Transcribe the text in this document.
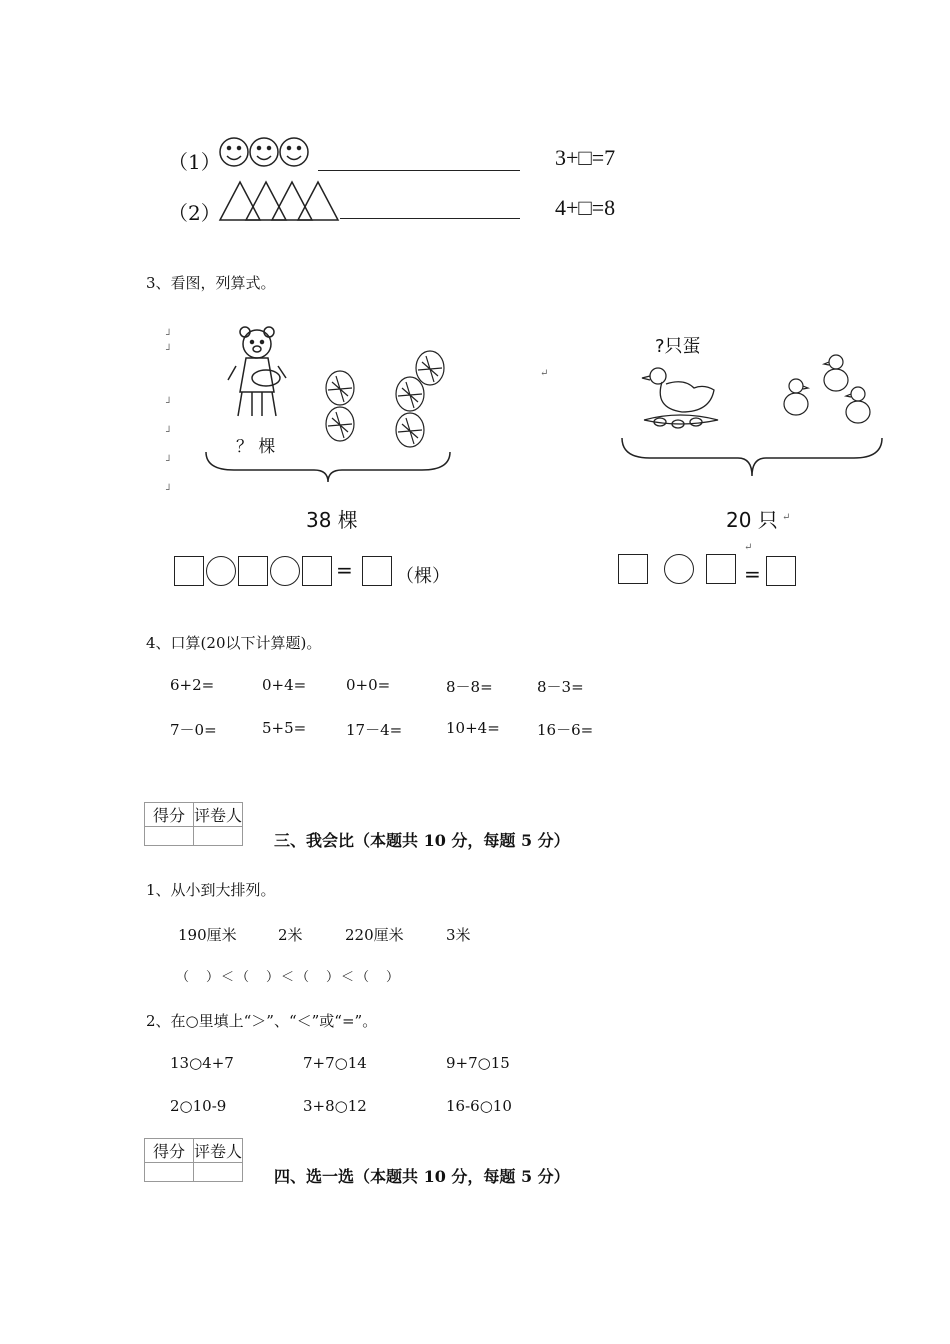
（1）	3+□=7
（2）	4+□=8
3、看图，列算式。
┘
┘
┘
┘
┘
┘
↵
？ 棵
38 棵
= （棵）
?只蛋
20 只 ↵
↵
=
4、口算(20以下计算题)。
6+2=	0+4=	0+0=	8－8=	8－3=
7－0=	5+5=	17－4=	10+4= 16－6=
得分	评卷人

三、我会比（本题共 10 分，每题 5 分）
1、从小到大排列。
190厘米	2米	220厘米	3米
（　）＜（　）＜（　）＜（　）
2、在○里填上“＞”、“＜”或“=”。
13○4+7	7+7○14	9+7○15
2○10-9	3+8○12	16-6○10
得分	评卷人

四、选一选（本题共 10 分，每题 5 分）
